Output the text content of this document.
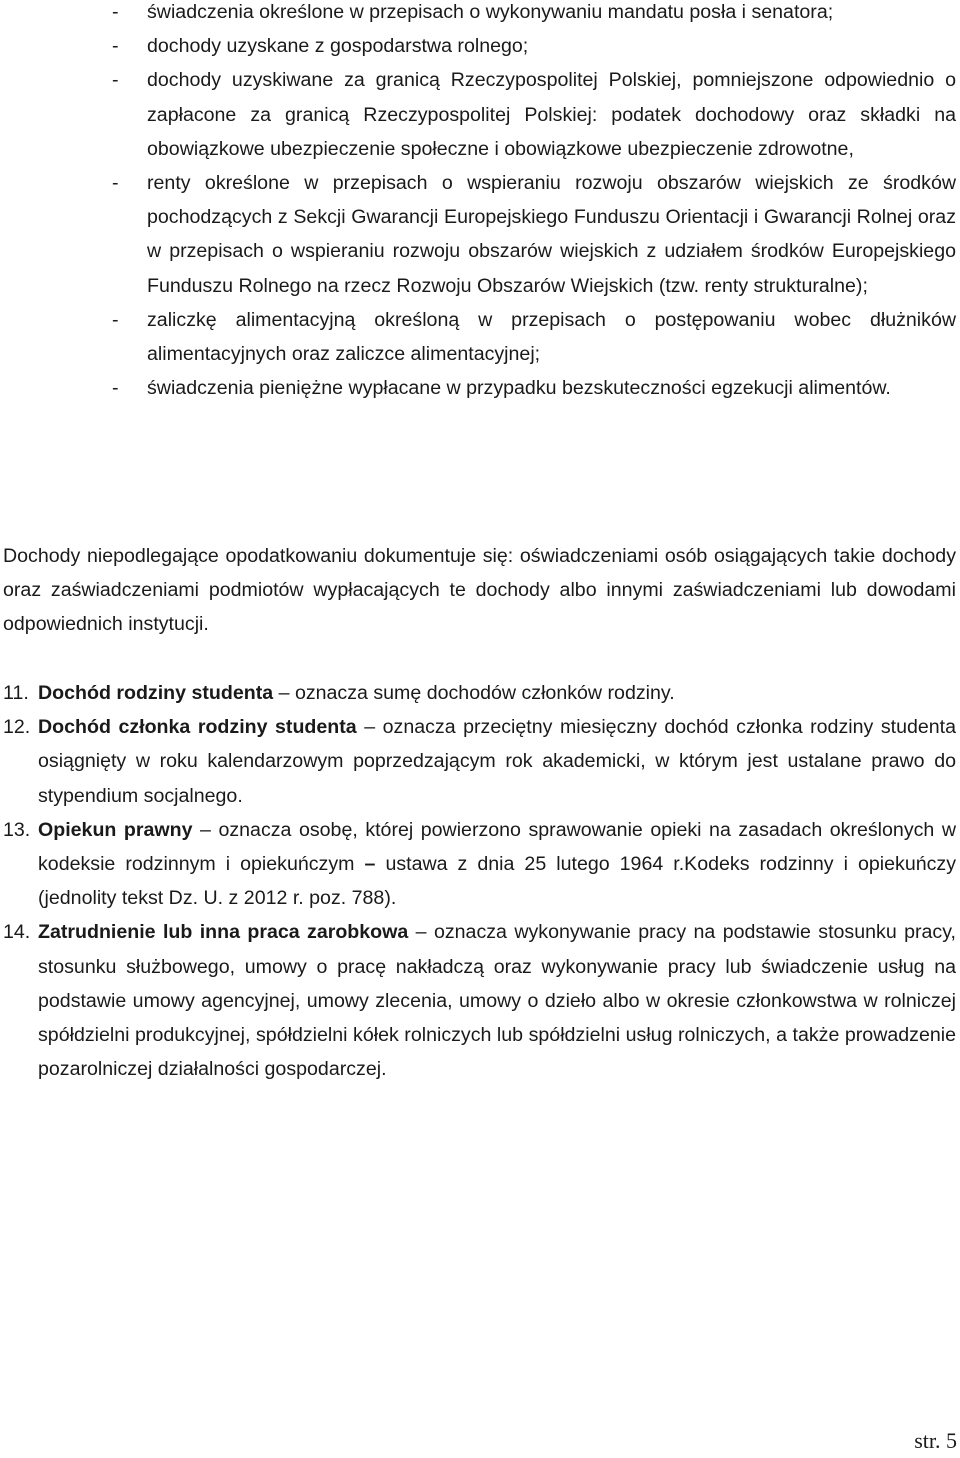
- świadczenia określone w przepisach o wykonywaniu mandatu posła i senatora;
- dochody uzyskane z gospodarstwa rolnego;
- dochody uzyskiwane za granicą Rzeczypospolitej Polskiej, pomniejszone odpowiednio o zapłacone za granicą Rzeczypospolitej Polskiej: podatek dochodowy oraz składki na obowiązkowe ubezpieczenie społeczne i obowiązkowe ubezpieczenie zdrowotne,
- renty określone w przepisach o wspieraniu rozwoju obszarów wiejskich ze środków pochodzących z Sekcji Gwarancji Europejskiego Funduszu Orientacji i Gwarancji Rolnej oraz w przepisach o wspieraniu rozwoju obszarów wiejskich z udziałem środków Europejskiego Funduszu Rolnego na rzecz Rozwoju Obszarów Wiejskich (tzw. renty strukturalne);
- zaliczkę alimentacyjną określoną w przepisach o postępowaniu wobec dłużników alimentacyjnych oraz zaliczce alimentacyjnej;
- świadczenia pieniężne wypłacane w przypadku bezskuteczności egzekucji alimentów.

Dochody niepodlegające opodatkowaniu dokumentuje się: oświadczeniami osób osiągających takie dochody oraz zaświadczeniami podmiotów wypłacających te dochody albo innymi zaświadczeniami lub dowodami odpowiednich instytucji.

11. Dochód rodziny studenta – oznacza sumę dochodów członków rodziny.
12. Dochód członka rodziny studenta – oznacza przeciętny miesięczny dochód członka rodziny studenta osiągnięty w roku kalendarzowym poprzedzającym rok akademicki, w którym jest ustalane prawo do stypendium socjalnego.
13. Opiekun prawny – oznacza osobę, której powierzono sprawowanie opieki na zasadach określonych w kodeksie rodzinnym i opiekuńczym – ustawa z dnia 25 lutego 1964 r.Kodeks rodzinny i opiekuńczy (jednolity tekst Dz. U. z 2012 r. poz. 788).
14. Zatrudnienie lub inna praca zarobkowa – oznacza wykonywanie pracy na podstawie stosunku pracy, stosunku służbowego, umowy o pracę nakładczą oraz wykonywanie pracy lub świadczenie usług na podstawie umowy agencyjnej, umowy zlecenia, umowy o dzieło albo w okresie członkowstwa w rolniczej spółdzielni produkcyjnej, spółdzielni kółek rolniczych lub spółdzielni usług rolniczych, a także prowadzenie pozarolniczej działalności gospodarczej.
str. 5
